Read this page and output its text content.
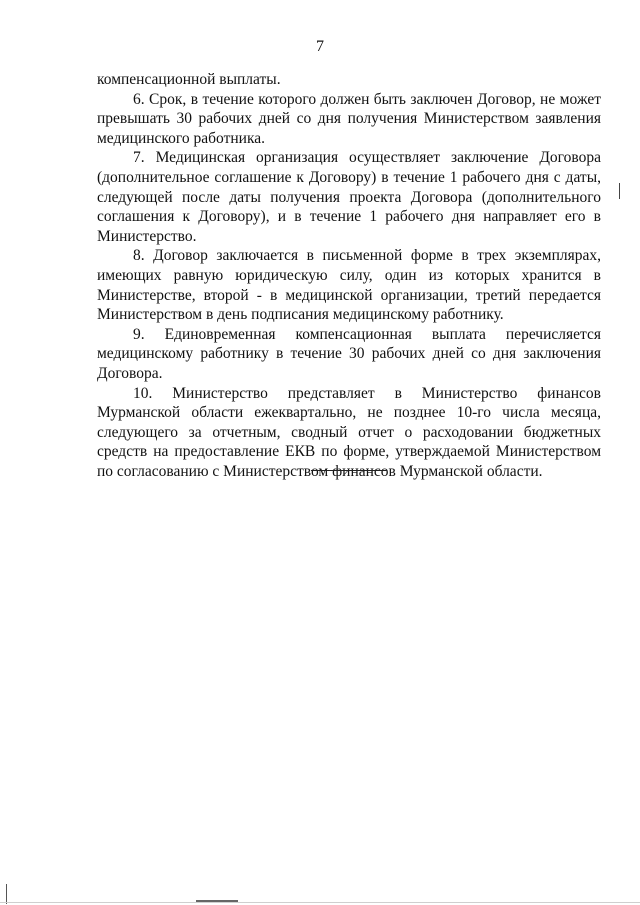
7

компенсационной выплаты.

6. Срок, в течение которого должен быть заключен Договор, не может превышать 30 рабочих дней со дня получения Министерством заявления медицинского работника.

7. Медицинская организация осуществляет заключение Договора (дополнительное соглашение к Договору) в течение 1 рабочего дня с даты, следующей после даты получения проекта Договора (дополнительного соглашения к Договору), и в течение 1 рабочего дня направляет его в Министерство.

8. Договор заключается в письменной форме в трех экземплярах, имеющих равную юридическую силу, один из которых хранится в Министерстве, второй - в медицинской организации, третий передается Министерством в день подписания медицинскому работнику.

9. Единовременная компенсационная выплата перечисляется медицинскому работнику в течение 30 рабочих дней со дня заключения Договора.

10. Министерство представляет в Министерство финансов Мурманской области ежеквартально, не позднее 10-го числа месяца, следующего за отчетным, сводный отчет о расходовании бюджетных средств на предоставление ЕКВ по форме, утверждаемой Министерством по согласованию с Министерством финансов Мурманской области.
